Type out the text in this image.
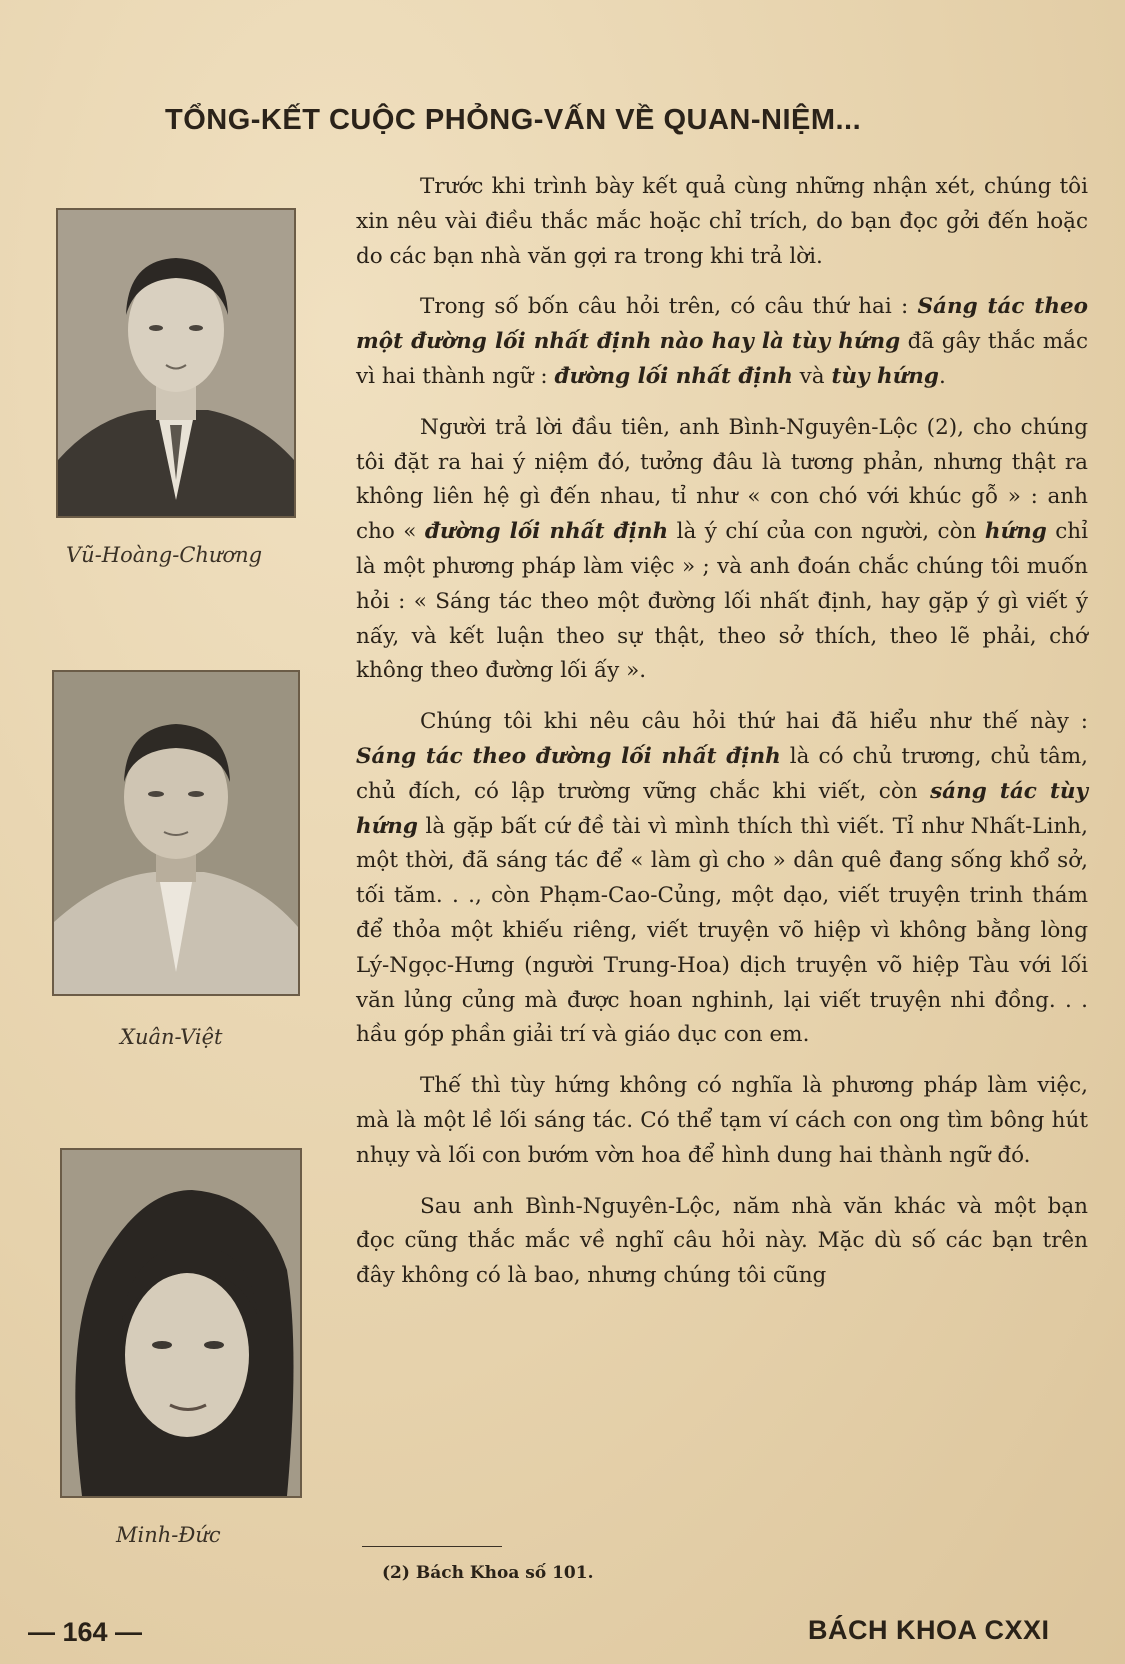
TỔNG-KẾT CUỘC PHỎNG-VẤN VỀ QUAN-NIỆM...
Vũ-Hoàng-Chương
Xuân-Việt
Minh-Đức

Trước khi trình bày kết quả cùng những nhận xét, chúng tôi xin nêu vài điều thắc mắc hoặc chỉ trích, do bạn đọc gởi đến hoặc do các bạn nhà văn gợi ra trong khi trả lời.

Trong số bốn câu hỏi trên, có câu thứ hai : Sáng tác theo một đường lối nhất định nào hay là tùy hứng đã gây thắc mắc vì hai thành ngữ : đường lối nhất định và tùy hứng.

Người trả lời đầu tiên, anh Bình-Nguyên-Lộc (2), cho chúng tôi đặt ra hai ý niệm đó, tưởng đâu là tương phản, nhưng thật ra không liên hệ gì đến nhau, tỉ như « con chó với khúc gỗ » : anh cho « đường lối nhất định là ý chí của con người, còn hứng chỉ là một phương pháp làm việc » ; và anh đoán chắc chúng tôi muốn hỏi : « Sáng tác theo một đường lối nhất định, hay gặp ý gì viết ý nấy, và kết luận theo sự thật, theo sở thích, theo lẽ phải, chớ không theo đường lối ấy ».

Chúng tôi khi nêu câu hỏi thứ hai đã hiểu như thế này : Sáng tác theo đường lối nhất định là có chủ trương, chủ tâm, chủ đích, có lập trường vững chắc khi viết, còn sáng tác tùy hứng là gặp bất cứ đề tài vì mình thích thì viết. Tỉ như Nhất-Linh, một thời, đã sáng tác để « làm gì cho » dân quê đang sống khổ sở, tối tăm. . ., còn Phạm-Cao-Củng, một dạo, viết truyện trinh thám để thỏa một khiếu riêng, viết truyện võ hiệp vì không bằng lòng Lý-Ngọc-Hưng (người Trung-Hoa) dịch truyện võ hiệp Tàu với lối văn lủng củng mà được hoan nghinh, lại viết truyện nhi đồng. . . hầu góp phần giải trí và giáo dục con em.

Thế thì tùy hứng không có nghĩa là phương pháp làm việc, mà là một lề lối sáng tác. Có thể tạm ví cách con ong tìm bông hút nhụy và lối con bướm vờn hoa để hình dung hai thành ngữ đó.

Sau anh Bình-Nguyên-Lộc, năm nhà văn khác và một bạn đọc cũng thắc mắc về nghĩ câu hỏi này. Mặc dù số các bạn trên đây không có là bao, nhưng chúng tôi cũng

(2) Bách Khoa số 101.
— 164 —	BÁCH KHOA CXXI
